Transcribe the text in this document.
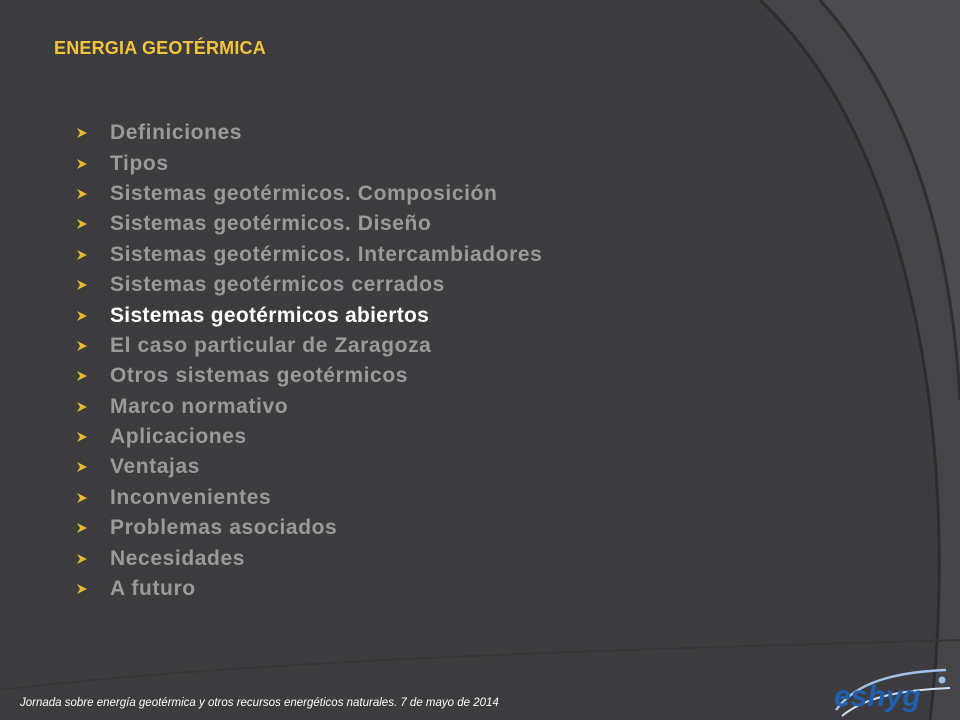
ENERGIA GEOTÉRMICA
Definiciones
Tipos
Sistemas geotérmicos. Composición
Sistemas geotérmicos. Diseño
Sistemas geotérmicos. Intercambiadores
Sistemas geotérmicos cerrados
Sistemas geotérmicos abiertos
El caso particular de Zaragoza
Otros sistemas geotérmicos
Marco normativo
Aplicaciones
Ventajas
Inconvenientes
Problemas asociados
Necesidades
A futuro
Jornada sobre energía geotérmica y otros recursos energéticos naturales. 7 de mayo de 2014	eshyg
